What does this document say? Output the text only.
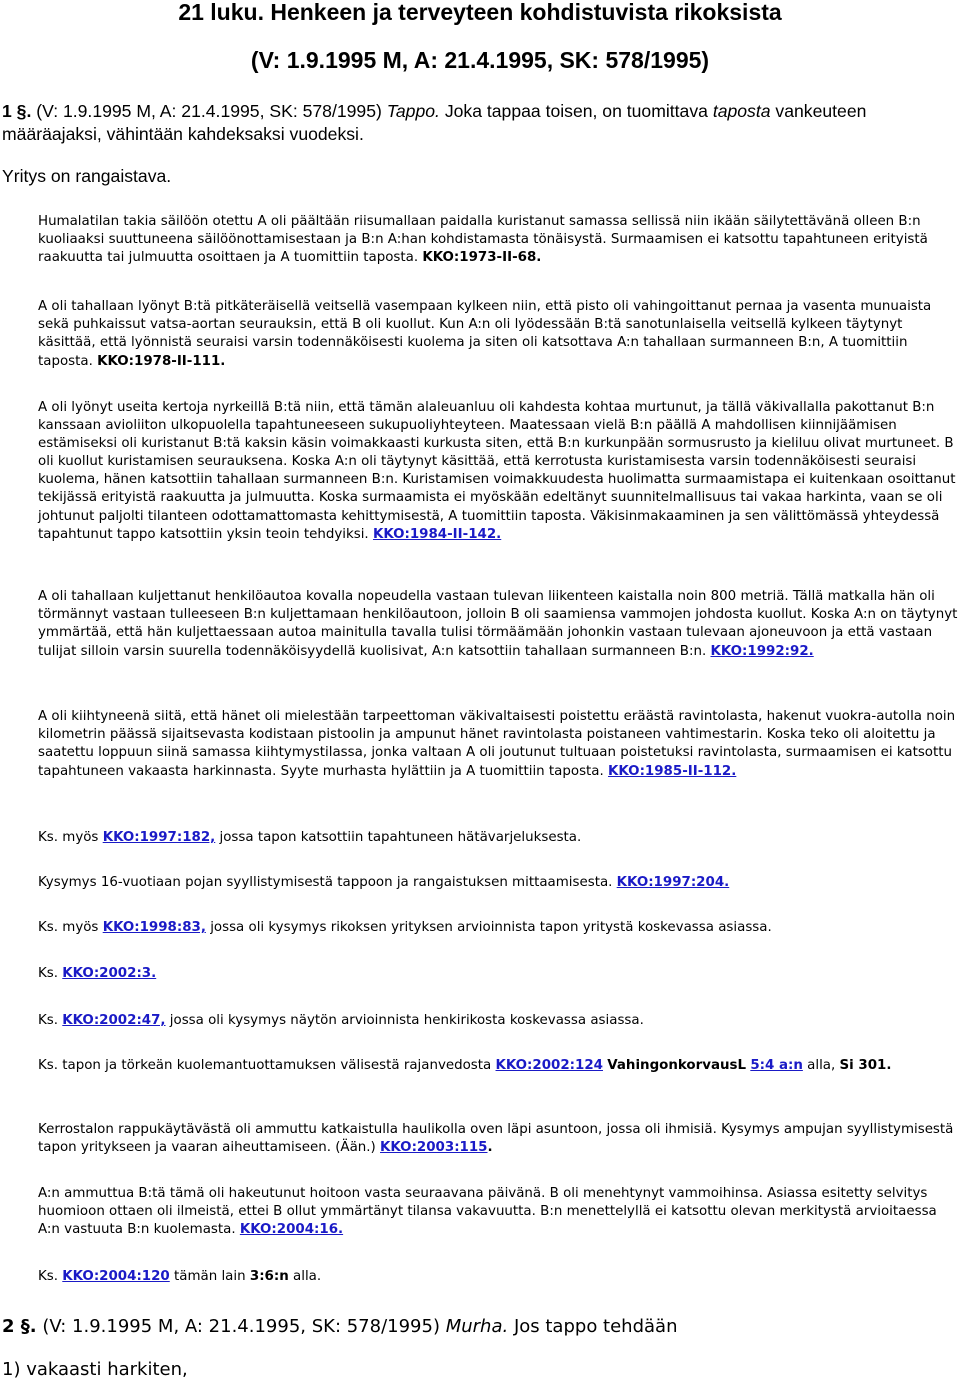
21 luku. Henkeen ja terveyteen kohdistuvista rikoksista
(V: 1.9.1995 M, A: 21.4.1995, SK: 578/1995)
1 §. (V: 1.9.1995 M, A: 21.4.1995, SK: 578/1995) Tappo. Joka tappaa toisen, on tuomittava taposta vankeuteen määräajaksi, vähintään kahdeksaksi vuodeksi.
Yritys on rangaistava.
Humalatilan takia säilöön otettu A oli päältään riisumallaan paidalla kuristanut samassa sellissä niin ikään säilytettävänä olleen B:n kuoliaaksi suuttuneena säilöönottamisestaan ja B:n A:han kohdistamasta tönäisystä. Surmaamisen ei katsottu tapahtuneen erityistä raakuutta tai julmuutta osoittaen ja A tuomittiin taposta. KKO:1973-II-68.
A oli tahallaan lyönyt B:tä pitkäteräisellä veitsellä vasempaan kylkeen niin, että pisto oli vahingoittanut pernaa ja vasenta munuaista sekä puhkaissut vatsa-aortan seurauksin, että B oli kuollut. Kun A:n oli lyödessään B:tä sanotunlaisella veitsellä kylkeen täytynyt käsittää, että lyönnistä seuraisi varsin todennäköisesti kuolema ja siten oli katsottava A:n tahallaan surmanneen B:n, A tuomittiin taposta. KKO:1978-II-111.
A oli lyönyt useita kertoja nyrkeillä B:tä niin, että tämän alaleuanluu oli kahdesta kohtaa murtunut, ja tällä väkivallalla pakottanut B:n kanssaan avioliiton ulkopuolella tapahtuneeseen sukupuoliyhteyteen. Maatessaan vielä B:n päällä A mahdollisen kiinnijäämisen estämiseksi oli kuristanut B:tä kaksin käsin voimakkaasti kurkusta siten, että B:n kurkunpään sormusrusto ja kieliluu olivat murtuneet. B oli kuollut kuristamisen seurauksena. Koska A:n oli täytynyt käsittää, että kerrotusta kuristamisesta varsin todennäköisesti seuraisi kuolema, hänen katsottiin tahallaan surmanneen B:n. Kuristamisen voimakkuudesta huolimatta surmaamistapa ei kuitenkaan osoittanut tekijässä erityistä raakuutta ja julmuutta. Koska surmaamista ei myöskään edeltänyt suunnitelmallisuus tai vakaa harkinta, vaan se oli johtunut paljolti tilanteen odottamattomasta kehittymisestä, A tuomittiin taposta. Väkisinmakaaminen ja sen välittömässä yhteydessä tapahtunut tappo katsottiin yksin teoin tehdyiksi. KKO:1984-II-142.
A oli tahallaan kuljettanut henkilöautoa kovalla nopeudella vastaan tulevan liikenteen kaistalla noin 800 metriä. Tällä matkalla hän oli törmännyt vastaan tulleeseen B:n kuljettamaan henkilöautoon, jolloin B oli saamiensa vammojen johdosta kuollut. Koska A:n on täytynyt ymmärtää, että hän kuljettaessaan autoa mainitulla tavalla tulisi törmäämään johonkin vastaan tulevaan ajoneuvoon ja että vastaan tulijat silloin varsin suurella todennäköisyydellä kuolisivat, A:n katsottiin tahallaan surmanneen B:n. KKO:1992:92.
A oli kiihtyneenä siitä, että hänet oli mielestään tarpeettoman väkivaltaisesti poistettu eräästä ravintolasta, hakenut vuokra-autolla noin kilometrin päässä sijaitsevasta kodistaan pistoolin ja ampunut hänet ravintolasta poistaneen vahtimestarin. Koska teko oli aloitettu ja saatettu loppuun siinä samassa kiihtymystilassa, jonka valtaan A oli joutunut tultuaan poistetuksi ravintolasta, surmaamisen ei katsottu tapahtuneen vakaasta harkinnasta. Syyte murhasta hylättiin ja A tuomittiin taposta. KKO:1985-II-112.
Ks. myös KKO:1997:182, jossa tapon katsottiin tapahtuneen hätävarjeluksesta.
Kysymys 16-vuotiaan pojan syyllistymisestä tappoon ja rangaistuksen mittaamisesta. KKO:1997:204.
Ks. myös KKO:1998:83, jossa oli kysymys rikoksen yrityksen arvioinnista tapon yritystä koskevassa asiassa.
Ks. KKO:2002:3.
Ks. KKO:2002:47, jossa oli kysymys näytön arvioinnista henkirikosta koskevassa asiassa.
Ks. tapon ja törkeän kuolemantuottamuksen välisestä rajanvedosta KKO:2002:124 VahingonkorvausL 5:4 a:n alla, Si 301.
Kerrostalon rappukäytävästä oli ammuttu katkaistulla haulikolla oven läpi asuntoon, jossa oli ihmisiä. Kysymys ampujan syyllistymisestä tapon yritykseen ja vaaran aiheuttamiseen. (Ään.) KKO:2003:115.
A:n ammuttua B:tä tämä oli hakeutunut hoitoon vasta seuraavana päivänä. B oli menehtynyt vammoihinsa. Asiassa esitetty selvitys huomioon ottaen oli ilmeistä, ettei B ollut ymmärtänyt tilansa vakavuutta. B:n menettelyllä ei katsottu olevan merkitystä arvioitaessa A:n vastuuta B:n kuolemasta. KKO:2004:16.
Ks. KKO:2004:120 tämän lain 3:6:n alla.
2 §. (V: 1.9.1995 M, A: 21.4.1995, SK: 578/1995) Murha. Jos tappo tehdään
1) vakaasti harkiten,
